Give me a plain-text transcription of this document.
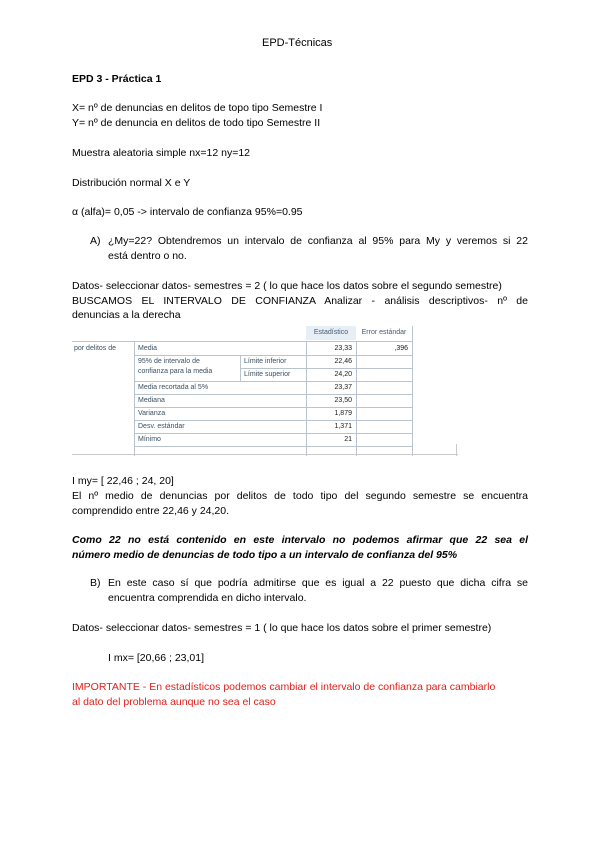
EPD-Técnicas
EPD 3 - Práctica 1
X= nº de denuncias en delitos de topo tipo Semestre I
Y= nº de denuncia en delitos de todo tipo Semestre II
Muestra aleatoria simple nx=12 ny=12
Distribución normal X e Y
α (alfa)= 0,05 -> intervalo de confianza 95%=0.95
A) ¿My=22? Obtendremos un intervalo de confianza al 95% para My y veremos si 22
está dentro o no.
Datos- seleccionar datos- semestres = 2 ( lo que hace los datos sobre el segundo semestre)
BUSCAMOS EL INTERVALO DE CONFIANZA Analizar - análisis descriptivos- nº de
denuncias a la derecha
Estadístico	Error estándar
por delitos de	Media	23,33	,396
95% de intervalo de	Límite inferior	22,46
confianza para la media	Límite superior	24,20
Media recortada al 5%	23,37
Mediana	23,50
Varianza	1,879
Desv. estándar	1,371
Mínimo	21
I my= [ 22,46 ; 24, 20]
El nº medio de denuncias por delitos de todo tipo del segundo semestre se encuentra
comprendido entre 22,46 y 24,20.
Como 22 no está contenido en este intervalo no podemos afirmar que 22 sea el
número medio de denuncias de todo tipo a un intervalo de confianza del 95%
B) En este caso sí que podría admitirse que es igual a 22 puesto que dicha cifra se
encuentra comprendida en dicho intervalo.
Datos- seleccionar datos- semestres = 1 ( lo que hace los datos sobre el primer semestre)
I mx= [20,66 ; 23,01]
IMPORTANTE - En estadísticos podemos cambiar el intervalo de confianza para cambiarlo
al dato del problema aunque no sea el caso
